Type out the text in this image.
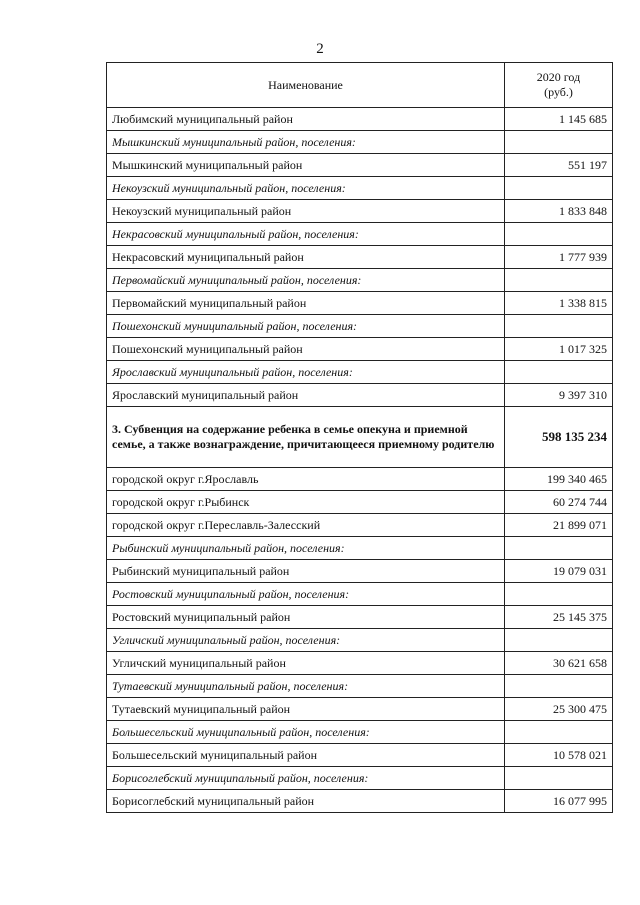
2
Наименование	2020 год
(руб.)
Любимский муниципальный район	1 145 685
Мышкинский муниципальный район, поселения:	
Мышкинский муниципальный район	551 197
Некоузский муниципальный район, поселения:	
Некоузский муниципальный район	1 833 848
Некрасовский муниципальный район, поселения:	
Некрасовский муниципальный район	1 777 939
Первомайский муниципальный район, поселения:	
Первомайский муниципальный район	1 338 815
Пошехонский муниципальный район, поселения:	
Пошехонский муниципальный район	1 017 325
Ярославский муниципальный район, поселения:	
Ярославский муниципальный район	9 397 310
3. Субвенция на содержание ребенка в семье опекуна и приемной семье, а также вознаграждение, причитающееся приемному родителю	598 135 234
городской округ г.Ярославль	199 340 465
городской округ г.Рыбинск	60 274 744
городской округ г.Переславль-Залесский	21 899 071
Рыбинский муниципальный район, поселения:	
Рыбинский муниципальный район	19 079 031
Ростовский муниципальный район, поселения:	
Ростовский муниципальный район	25 145 375
Угличский муниципальный район, поселения:	
Угличский муниципальный район	30 621 658
Тутаевский муниципальный район, поселения:	
Тутаевский муниципальный район	25 300 475
Большесельский муниципальный район, поселения:	
Большесельский муниципальный район	10 578 021
Борисоглебский муниципальный район, поселения:	
Борисоглебский муниципальный район	16 077 995
